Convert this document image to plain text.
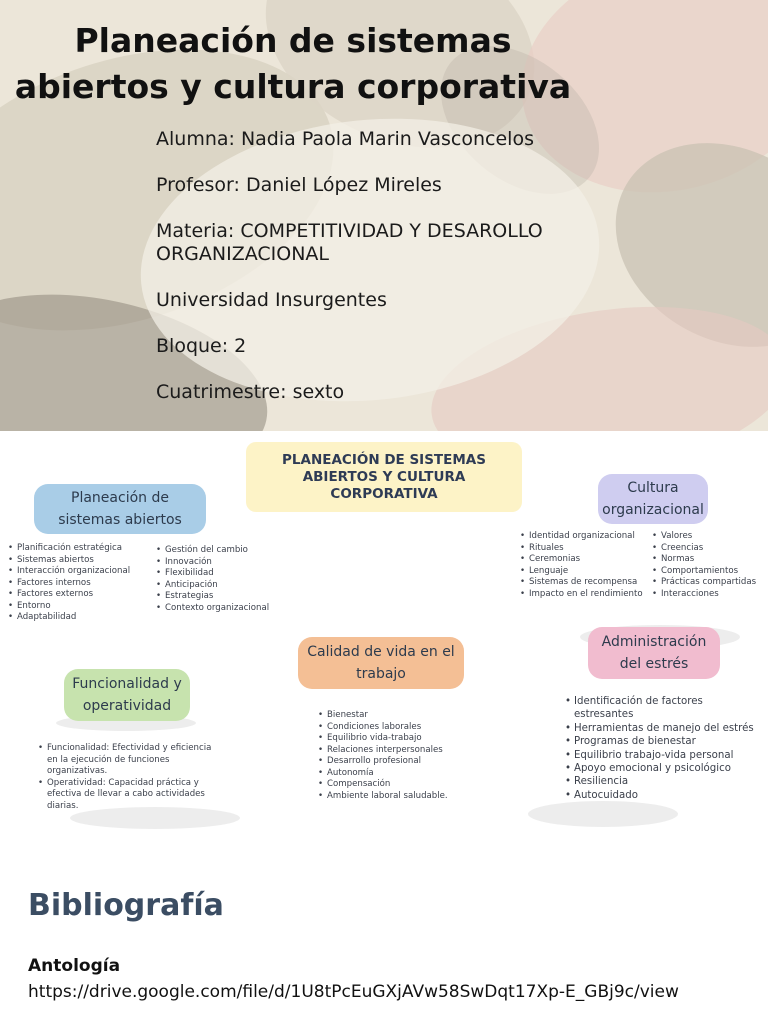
Planeación de sistemas
abiertos y cultura corporativa

Alumna: Nadia Paola Marin Vasconcelos

Profesor: Daniel López Mireles

Materia: COMPETITIVIDAD Y DESAROLLO ORGANIZACIONAL

Universidad Insurgentes

Bloque: 2

Cuatrimestre: sexto

PLANEACIÓN DE SISTEMAS ABIERTOS Y CULTURA CORPORATIVA
Planeación de sistemas abiertos
• Planificación estratégica
• Sistemas abiertos
• Interacción organizacional
• Factores internos
• Factores externos
• Entorno
• Adaptabilidad
• Gestión del cambio
• Innovación
• Flexibilidad
• Anticipación
• Estrategias
• Contexto organizacional
Cultura organizacional
• Identidad organizacional
• Rituales
• Ceremonias
• Lenguaje
• Sistemas de recompensa
• Impacto en el rendimiento
• Valores
• Creencias
• Normas
• Comportamientos
• Prácticas compartidas
• Interacciones
Funcionalidad y operatividad
• Funcionalidad: Efectividad y eficiencia en la ejecución de funciones organizativas.
• Operatividad: Capacidad práctica y efectiva de llevar a cabo actividades diarias.
Calidad de vida en el trabajo
• Bienestar
• Condiciones laborales
• Equilibrio vida-trabajo
• Relaciones interpersonales
• Desarrollo profesional
• Autonomía
• Compensación
• Ambiente laboral saludable.
Administración del estrés
• Identificación de factores estresantes
• Herramientas de manejo del estrés
• Programas de bienestar
• Equilibrio trabajo-vida personal
• Apoyo emocional y psicológico
• Resiliencia
• Autocuidado
Bibliografía

Antología

https://drive.google.com/file/d/1U8tPcEuGXjAVw58SwDqt17Xp-E_GBj9c/view
